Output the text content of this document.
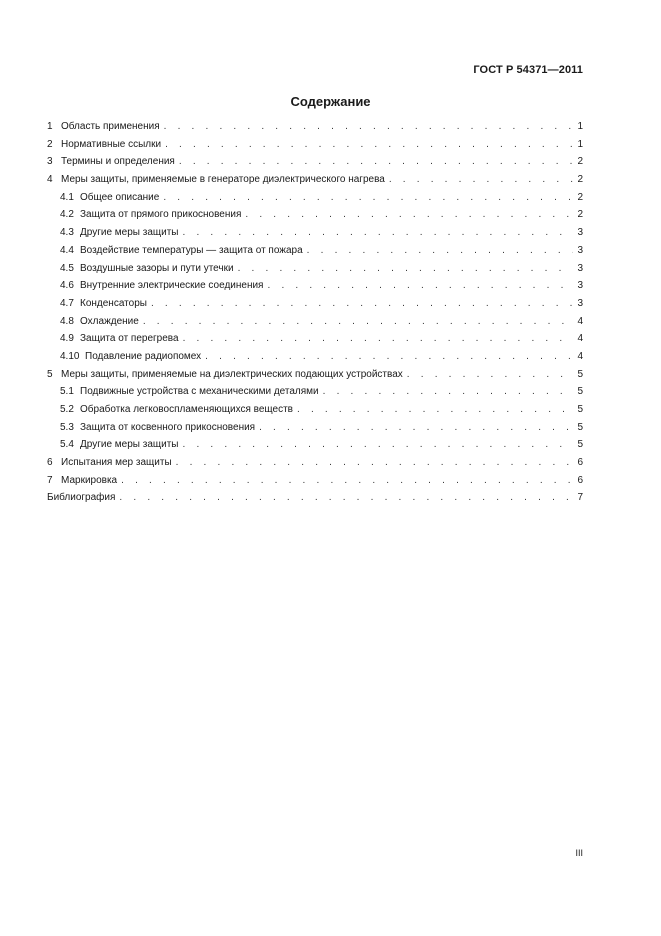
ГОСТ Р 54371—2011
Содержание
1 Область применения . . .	1
2 Нормативные ссылки . . .	1
3 Термины и определения . . .	2
4 Меры защиты, применяемые в генераторе диэлектрического нагрева . . .	2
4.1 Общее описание . . .	2
4.2 Защита от прямого прикосновения . . .	2
4.3 Другие меры защиты . . .	3
4.4 Воздействие температуры — защита от пожара . . .	3
4.5 Воздушные зазоры и пути утечки . . .	3
4.6 Внутренние электрические соединения . . .	3
4.7 Конденсаторы . . .	3
4.8 Охлаждение . . .	4
4.9 Защита от перегрева . . .	4
4.10 Подавление радиопомех . . .	4
5 Меры защиты, применяемые на диэлектрических подающих устройствах . . .	5
5.1 Подвижные устройства с механическими деталями . . .	5
5.2 Обработка легковоспламеняющихся веществ . . .	5
5.3 Защита от косвенного прикосновения . . .	5
5.4 Другие меры защиты . . .	5
6 Испытания мер защиты . . .	6
7 Маркировка . . .	6
Библиография . . .	7
III
